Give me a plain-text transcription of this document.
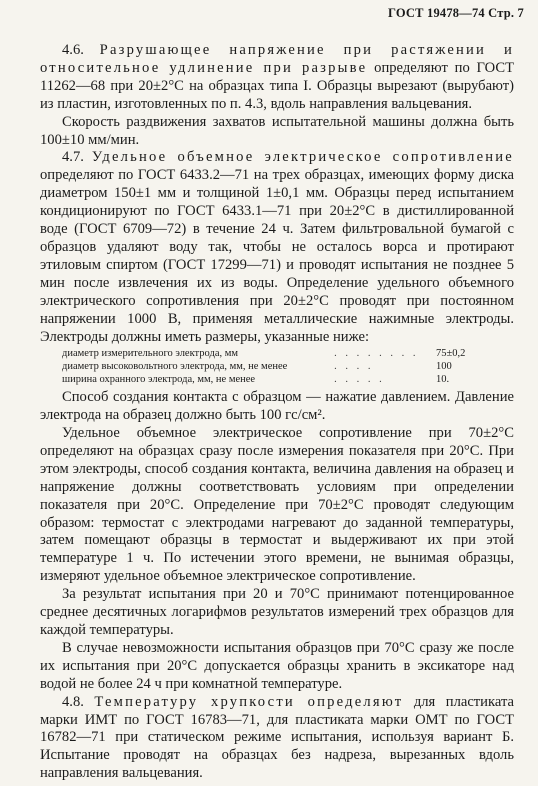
ГОСТ 19478—74 Стр. 7

4.6. Разрушающее напряжение при растяжении и относительное удлинение при разрыве определяют по ГОСТ 11262—68 при 20±2°С на образцах типа I. Образцы вырезают (вырубают) из пластин, изготовленных по п. 4.3, вдоль направления вальцевания.

Скорость раздвижения захватов испытательной машины должна быть 100±10 мм/мин.

4.7. Удельное объемное электрическое сопротивление определяют по ГОСТ 6433.2—71 на трех образцах, имеющих форму диска диаметром 150±1 мм и толщиной 1±0,1 мм. Образцы перед испытанием кондиционируют по ГОСТ 6433.1—71 при 20±2°С в дистиллированной воде (ГОСТ 6709—72) в течение 24 ч. Затем фильтровальной бумагой с образцов удаляют воду так, чтобы не осталось ворса и протирают этиловым спиртом (ГОСТ 17299—71) и проводят испытания не позднее 5 мин после извлечения их из воды. Определение удельного объемного электрического сопротивления при 20±2°С проводят при постоянном напряжении 1000 В, применяя металлические нажимные электроды. Электроды должны иметь размеры, указанные ниже:

диаметр измерительного электрода, мм	. . . . . . . .	75±0,2
диаметр высоковольтного электрода, мм, не менее	. . . .	100
ширина охранного электрода, мм, не менее	. . . . .	10.

Способ создания контакта с образцом — нажатие давлением. Давление электрода на образец должно быть 100 гс/см².

Удельное объемное электрическое сопротивление при 70±2°С определяют на образцах сразу после измерения показателя при 20°С. При этом электроды, способ создания контакта, величина давления на образец и напряжение должны соответствовать условиям при определении показателя при 20°С. Определение при 70±2°С проводят следующим образом: термостат с электродами нагревают до заданной температуры, затем помещают образцы в термостат и выдерживают их при этой температуре 1 ч. По истечении этого времени, не вынимая образцы, измеряют удельное объемное электрическое сопротивление.

За результат испытания при 20 и 70°С принимают потенцированное среднее десятичных логарифмов результатов измерений трех образцов для каждой температуры.

В случае невозможности испытания образцов при 70°С сразу же после их испытания при 20°С допускается образцы хранить в эксикаторе над водой не более 24 ч при комнатной температуре.

4.8. Температуру хрупкости определяют для пластиката марки ИМТ по ГОСТ 16783—71, для пластиката марки ОМТ по ГОСТ 16782—71 при статическом режиме испытания, используя вариант Б. Испытание проводят на образцах без надреза, вырезанных вдоль направления вальцевания.
